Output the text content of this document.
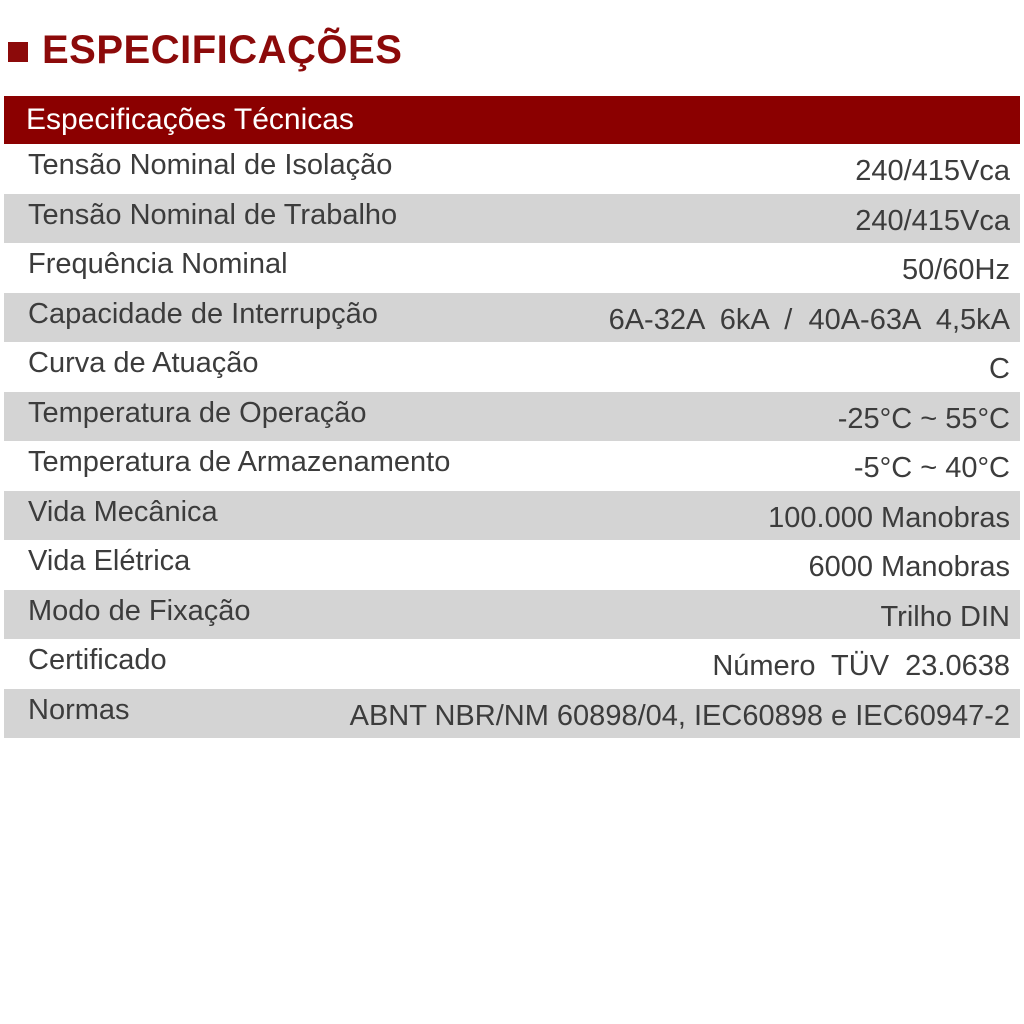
ESPECIFICAÇÕES
Especificações Técnicas
Tensão Nominal de Isolação	240/415Vca
Tensão Nominal de Trabalho	240/415Vca
Frequência Nominal	50/60Hz
Capacidade de Interrupção	6A-32A  6kA  /  40A-63A  4,5kA
Curva de Atuação	C
Temperatura de Operação	-25°C ~ 55°C
Temperatura de Armazenamento	-5°C ~ 40°C
Vida Mecânica	100.000 Manobras
Vida Elétrica	6000 Manobras
Modo de Fixação	Trilho DIN
Certificado	Número  TÜV  23.0638
Normas	ABNT NBR/NM 60898/04, IEC60898 e IEC60947-2
